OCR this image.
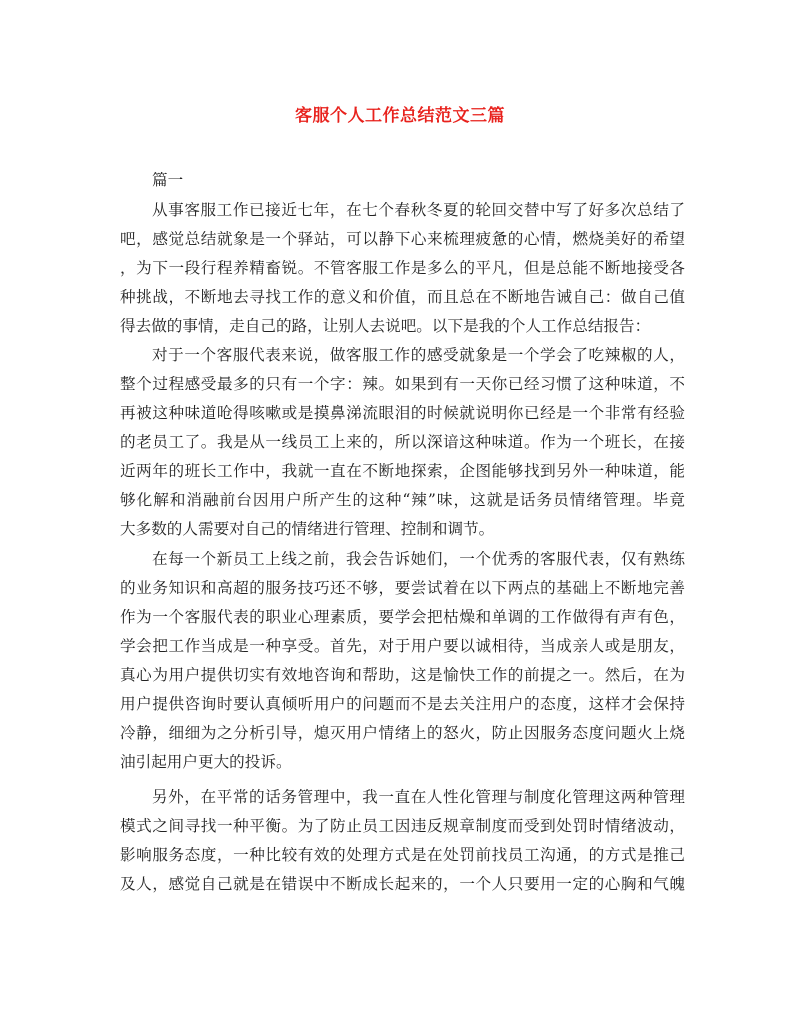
客服个人工作总结范文三篇
篇一
从事客服工作已接近七年，在七个春秋冬夏的轮回交替中写了好多次总结了
吧，感觉总结就象是一个驿站，可以静下心来梳理疲惫的心情，燃烧美好的希望
，为下一段行程养精畜锐。不管客服工作是多么的平凡，但是总能不断地接受各
种挑战，不断地去寻找工作的意义和价值，而且总在不断地告诫自己：做自己值
得去做的事情，走自己的路，让别人去说吧。以下是我的个人工作总结报告：
对于一个客服代表来说，做客服工作的感受就象是一个学会了吃辣椒的人，
整个过程感受最多的只有一个字：辣。如果到有一天你已经习惯了这种味道，不
再被这种味道呛得咳嗽或是摸鼻涕流眼泪的时候就说明你已经是一个非常有经验
的老员工了。我是从一线员工上来的，所以深谙这种味道。作为一个班长，在接
近两年的班长工作中，我就一直在不断地探索，企图能够找到另外一种味道，能
够化解和消融前台因用户所产生的这种“辣”味，这就是话务员情绪管理。毕竟
大多数的人需要对自己的情绪进行管理、控制和调节。
在每一个新员工上线之前，我会告诉她们，一个优秀的客服代表，仅有熟练
的业务知识和高超的服务技巧还不够，要尝试着在以下两点的基础上不断地完善
作为一个客服代表的职业心理素质，要学会把枯燥和单调的工作做得有声有色，
学会把工作当成是一种享受。首先，对于用户要以诚相待，当成亲人或是朋友，
真心为用户提供切实有效地咨询和帮助，这是愉快工作的前提之一。然后，在为
用户提供咨询时要认真倾听用户的问题而不是去关注用户的态度，这样才会保持
冷静，细细为之分析引导，熄灭用户情绪上的怒火，防止因服务态度问题火上烧
油引起用户更大的投诉。
另外，在平常的话务管理中，我一直在人性化管理与制度化管理这两种管理
模式之间寻找一种平衡。为了防止员工因违反规章制度而受到处罚时情绪波动，
影响服务态度，一种比较有效的处理方式是在处罚前找员工沟通，的方式是推己
及人，感觉自己就是在错误中不断成长起来的，一个人只要用一定的心胸和气魄
